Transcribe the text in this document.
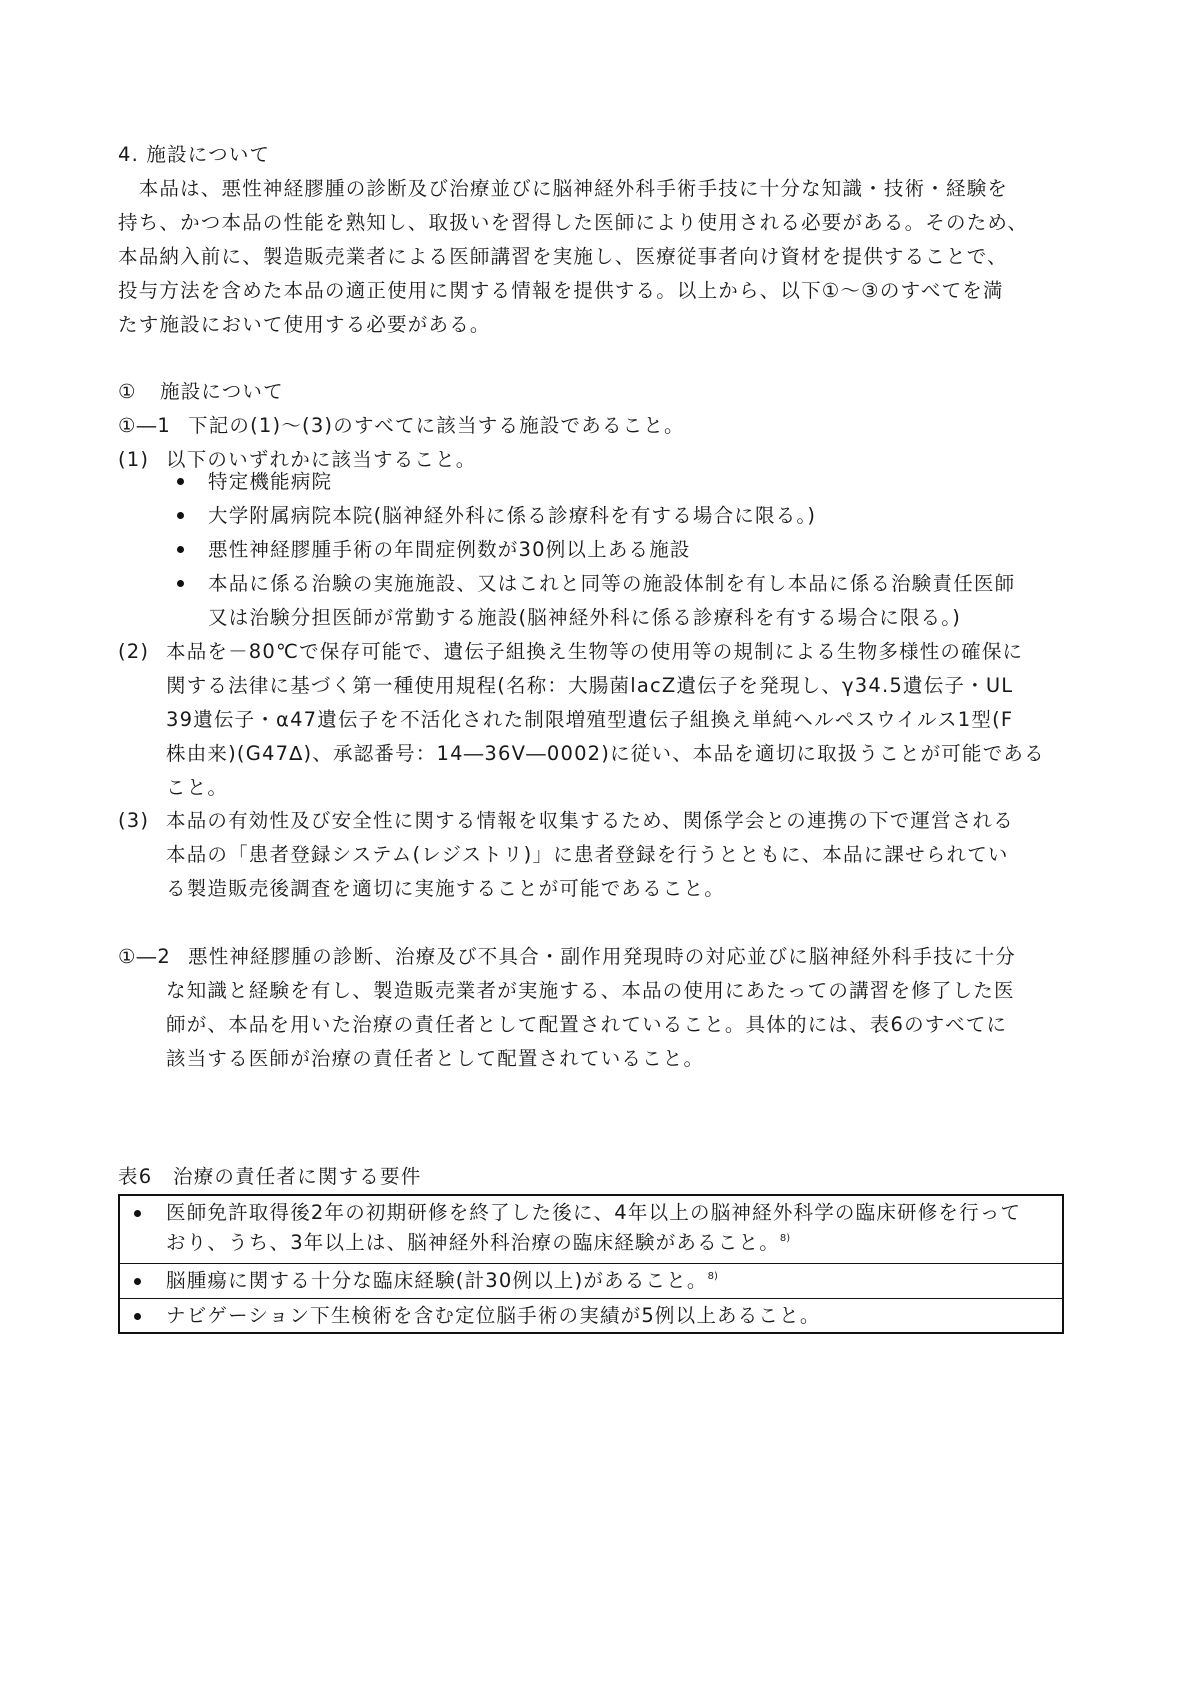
4. 施設について
　本品は、悪性神経膠腫の診断及び治療並びに脳神経外科手術手技に十分な知識・技術・経験を
持ち、かつ本品の性能を熟知し、取扱いを習得した医師により使用される必要がある。そのため、
本品納入前に、製造販売業者による医師講習を実施し、医療従事者向け資材を提供することで、
投与方法を含めた本品の適正使用に関する情報を提供する。以上から、以下①～③のすべてを満
たす施設において使用する必要がある。
① 施設について
①―1 下記の(1)～(3)のすべてに該当する施設であること。
(1) 以下のいずれかに該当すること。
特定機能病院
大学附属病院本院(脳神経外科に係る診療科を有する場合に限る。)
悪性神経膠腫手術の年間症例数が30例以上ある施設
本品に係る治験の実施施設、又はこれと同等の施設体制を有し本品に係る治験責任医師
又は治験分担医師が常勤する施設(脳神経外科に係る診療科を有する場合に限る。)
(2) 本品を－80℃で保存可能で、遺伝子組換え生物等の使用等の規制による生物多様性の確保に
関する法律に基づく第一種使用規程(名称：大腸菌lacZ遺伝子を発現し、γ34.5遺伝子・UL
39遺伝子・α47遺伝子を不活化された制限増殖型遺伝子組換え単純ヘルペスウイルス1型(F
株由来)(G47∆)、承認番号：14―36V―0002)に従い、本品を適切に取扱うことが可能である
こと。
(3) 本品の有効性及び安全性に関する情報を収集するため、関係学会との連携の下で運営される
本品の「患者登録システム(レジストリ)」に患者登録を行うとともに、本品に課せられてい
る製造販売後調査を適切に実施することが可能であること。
①―2 悪性神経膠腫の診断、治療及び不具合・副作用発現時の対応並びに脳神経外科手技に十分
な知識と経験を有し、製造販売業者が実施する、本品の使用にあたっての講習を修了した医
師が、本品を用いた治療の責任者として配置されていること。具体的には、表6のすべてに
該当する医師が治療の責任者として配置されていること。
表6　治療の責任者に関する要件
医師免許取得後2年の初期研修を終了した後に、4年以上の脳神経外科学の臨床研修を行って
おり、うち、3年以上は、脳神経外科治療の臨床経験があること。$^{8)}$
脳腫瘍に関する十分な臨床経験(計30例以上)があること。$^{8)}$
ナビゲーション下生検術を含む定位脳手術の実績が5例以上あること。
